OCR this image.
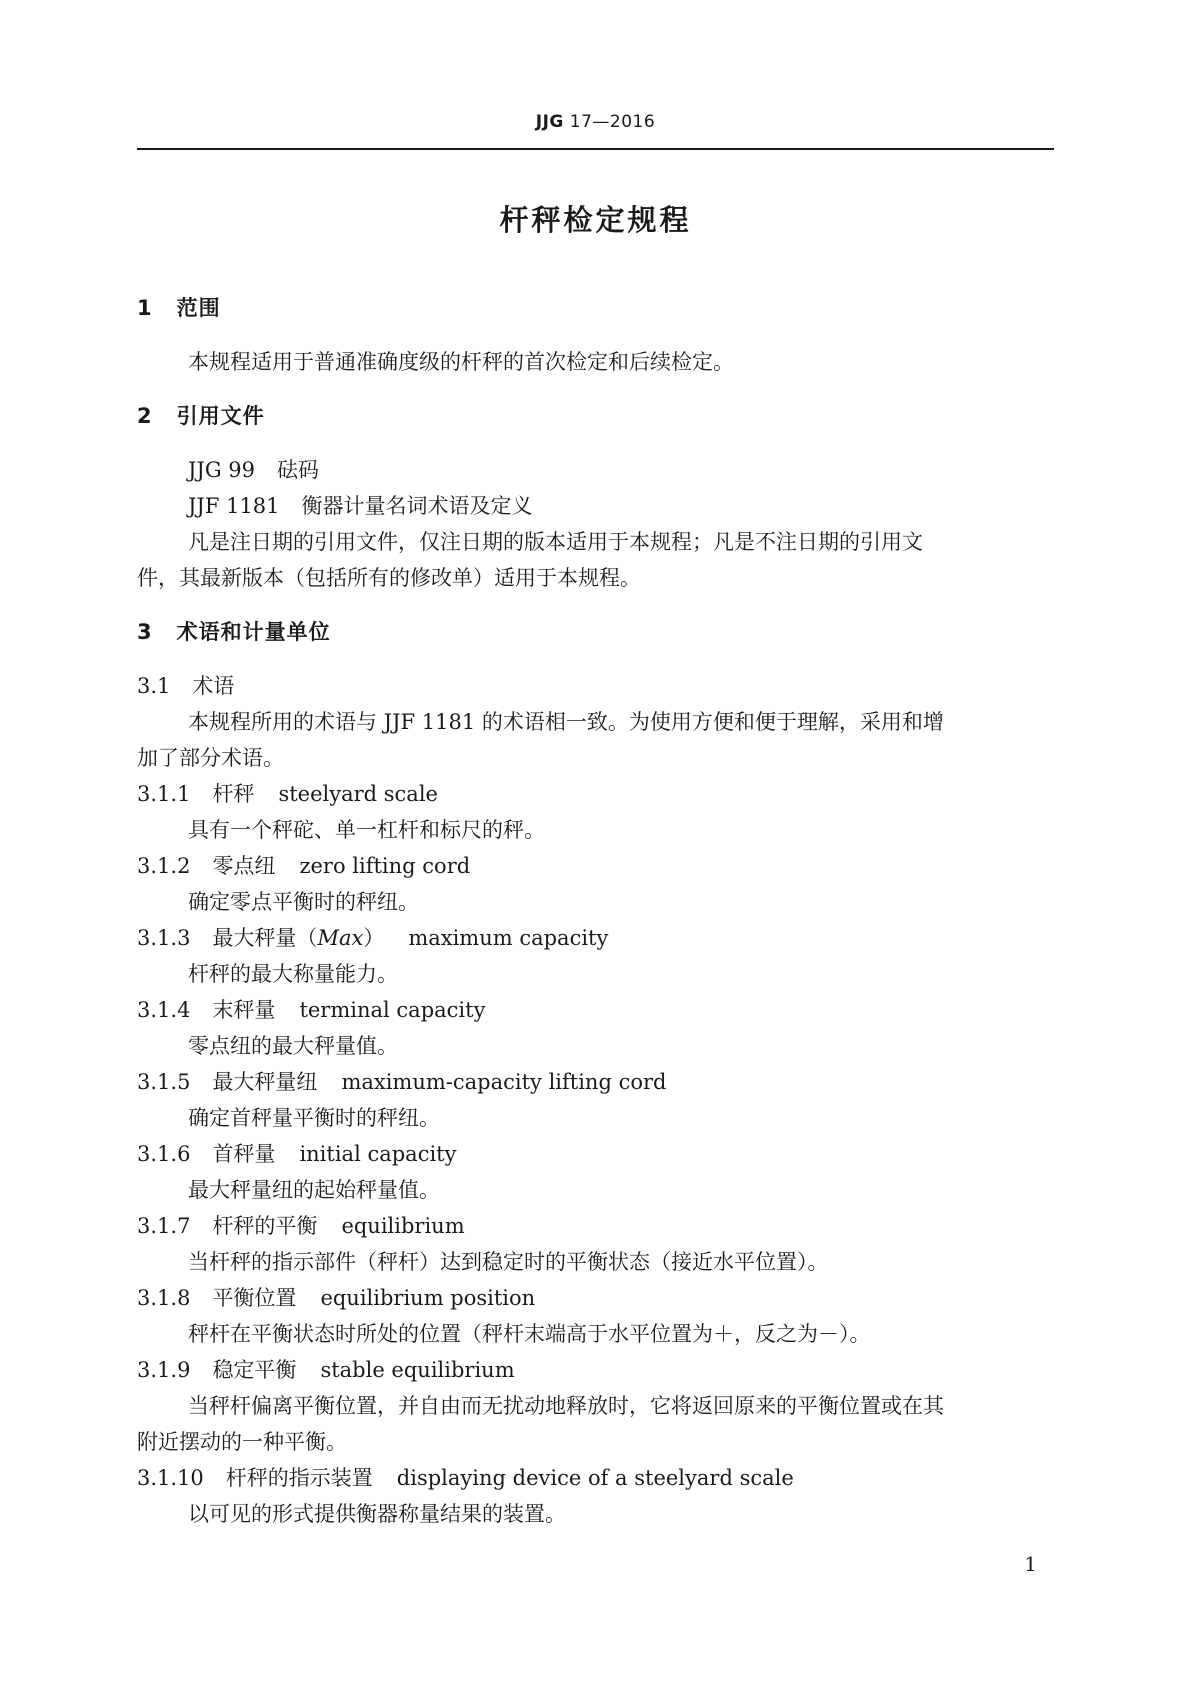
JJG 17—2016
杆秤检定规程
1 范围
本规程适用于普通准确度级的杆秤的首次检定和后续检定。
2 引用文件
JJG 99 砝码
JJF 1181 衡器计量名词术语及定义
凡是注日期的引用文件，仅注日期的版本适用于本规程；凡是不注日期的引用文
件，其最新版本（包括所有的修改单）适用于本规程。
3 术语和计量单位
3.1 术语
本规程所用的术语与 JJF 1181 的术语相一致。为使用方便和便于理解，采用和增
加了部分术语。
3.1.1 杆秤 steelyard scale
具有一个秤砣、单一杠杆和标尺的秤。
3.1.2 零点纽 zero lifting cord
确定零点平衡时的秤纽。
3.1.3 最大秤量（Max） maximum capacity
杆秤的最大称量能力。
3.1.4 末秤量 terminal capacity
零点纽的最大秤量值。
3.1.5 最大秤量纽 maximum-capacity lifting cord
确定首秤量平衡时的秤纽。
3.1.6 首秤量 initial capacity
最大秤量纽的起始秤量值。
3.1.7 杆秤的平衡 equilibrium
当杆秤的指示部件（秤杆）达到稳定时的平衡状态（接近水平位置）。
3.1.8 平衡位置 equilibrium position
秤杆在平衡状态时所处的位置（秤杆末端高于水平位置为＋，反之为－）。
3.1.9 稳定平衡 stable equilibrium
当秤杆偏离平衡位置，并自由而无扰动地释放时，它将返回原来的平衡位置或在其
附近摆动的一种平衡。
3.1.10 杆秤的指示装置 displaying device of a steelyard scale
以可见的形式提供衡器称量结果的装置。
1
